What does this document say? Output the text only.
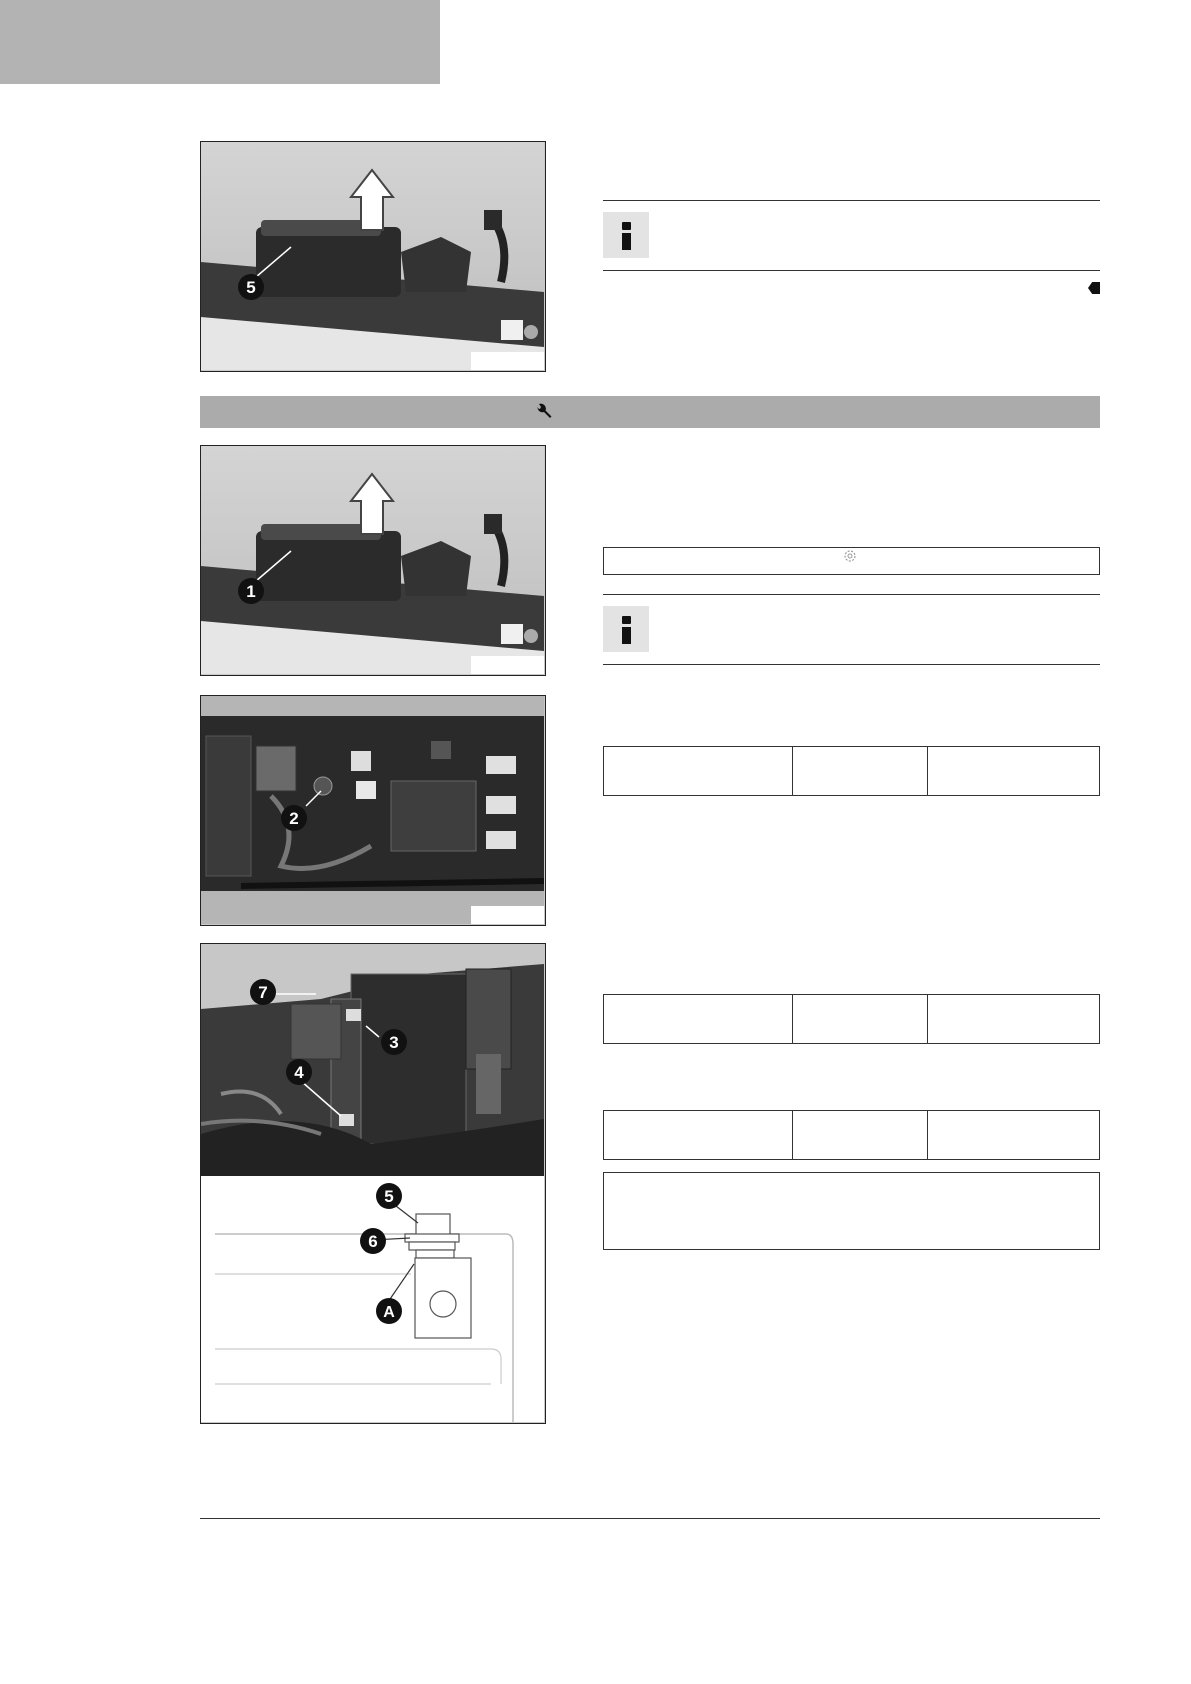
5
1
2

7
3
4
5
6
A
